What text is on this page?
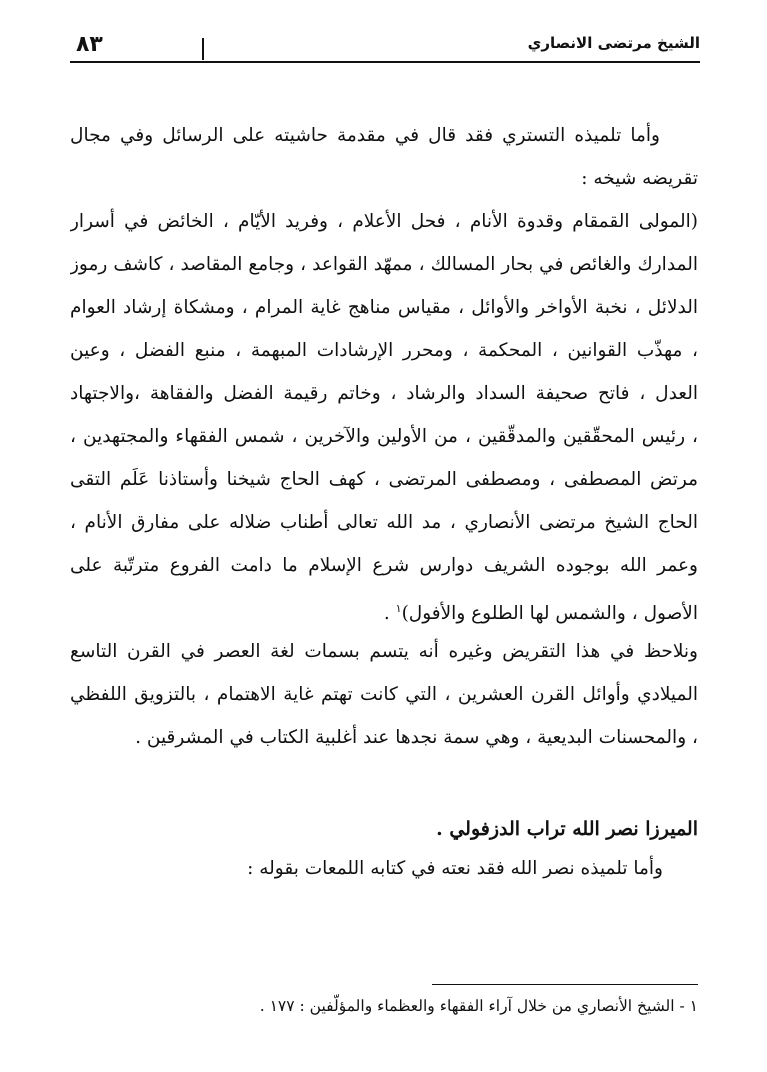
٨٣	الشيخ مرتضى الانصاري
وأما تلميذه التستري فقد قال في مقدمة حاشيته على الرسائل وفي مجال
تقريضه شيخه :
(المولى القمقام وقدوة الأنام ، فحل الأعلام ، وفريد الأيّام ، الخائض في أسرار
المدارك والغائص في بحار المسالك ، ممهّد القواعد ، وجامع المقاصد ، كاشف رموز
الدلائل ، نخبة الأواخر والأوائل ، مقياس مناهج غاية المرام ، ومشكاة إرشاد العوام
، مهذّب القوانين ، المحكمة ، ومحرر الإرشادات المبهمة ، منبع الفضل ، وعين
العدل ، فاتح صحيفة السداد والرشاد ، وخاتم رقيمة الفضل والفقاهة ،والاجتهاد
، رئيس المحقّقين والمدقّقين ، من الأولين والآخرين ، شمس الفقهاء والمجتهدين ،
مرتض المصطفى ، ومصطفى المرتضى ، كهف الحاج شيخنا وأستاذنا عَلَم التقى
الحاج الشيخ مرتضى الأنصاري ، مد الله تعالى أطناب ضلاله على مفارق الأنام ،
وعمر الله بوجوده الشريف دوارس شرع الإسلام ما دامت الفروع مترتّبة على
الأصول ، والشمس لها الطلوع والأفول)$^١$ .
ونلاحظ في هذا التقريض وغيره أنه يتسم بسمات لغة العصر في القرن التاسع
الميلادي وأوائل القرن العشرين ، التي كانت تهتم غاية الاهتمام ، بالتزويق اللفظي
، والمحسنات البديعية ، وهي سمة نجدها عند أغلبية الكتاب في المشرقين .
الميرزا نصر الله تراب الدزفولي .
وأما تلميذه نصر الله فقد نعته في كتابه اللمعات بقوله :
١ - الشيخ الأنصاري من خلال آراء الفقهاء والعظماء والمؤلّفين : ١٧٧ .
